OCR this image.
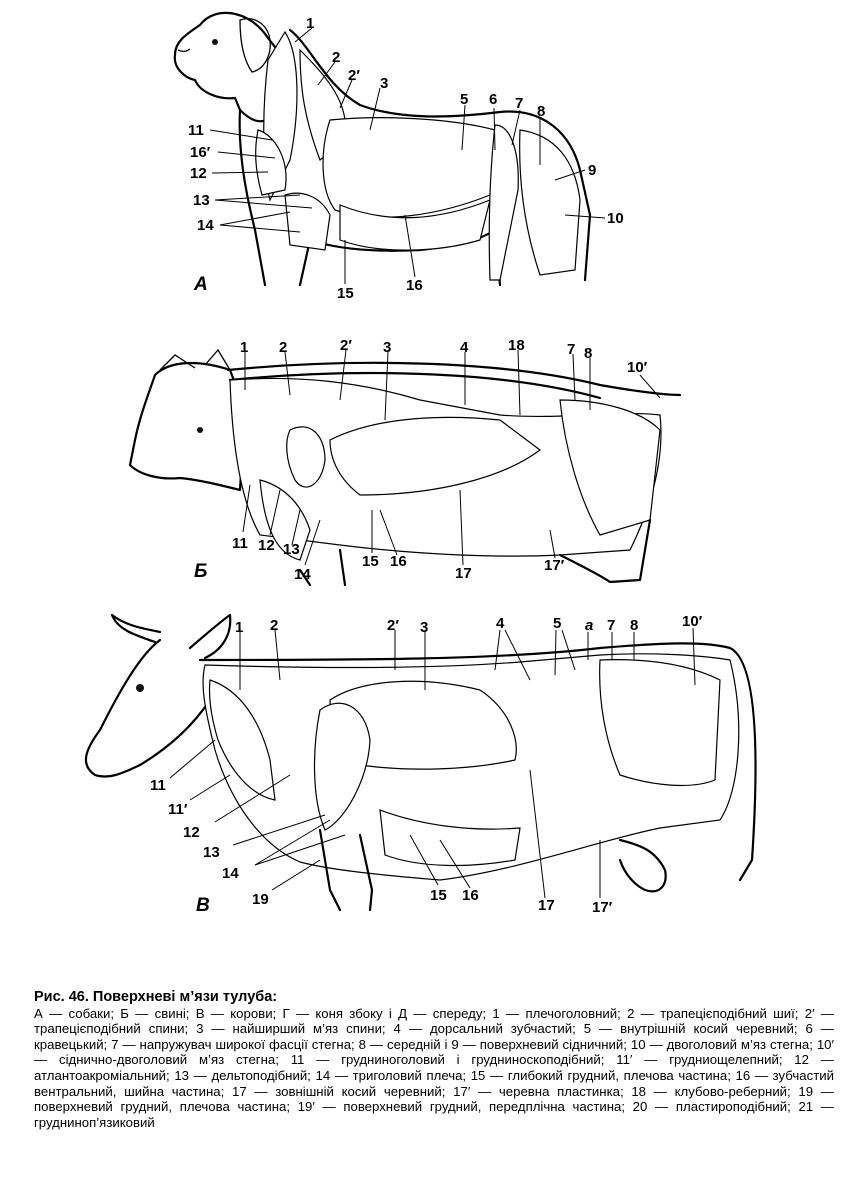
1
2
2′ 3
5 6 7 8
9
10
11
16′
12
13
14
15	16
А
1 2	2′ 3	4	18	7 8
10′
11 12 13
14
15 16
17	17′
Б
1 2	2′ 3	4	5 a 7 8	10′
11
11′
12
13
14
19	15 16
17 17′
В
Рис. 46. Поверхневі м’язи тулуба:
А — собаки; Б — свині; В — корови; Г — коня збоку і Д — спереду; 1 — плечоголовний; 2 — трапецієподібний шиї; 2′ — трапецієподібний спини; 3 — найширший м’яз спини; 4 — дорсальний зубчастий; 5 — внутрішній косий черевний; 6 — кравецький; 7 — напружувач широкої фасції стегна; 8 — середній і 9 — поверхневий сідничний; 10 — двоголовий м’яз стегна; 10′ — сіднично-двоголовий м’яз стегна; 11 — грудниноголовий і грудниноскоподібний; 11′ — грудниощелепний; 12 — атлантоакроміальний; 13 — дельтоподібний; 14 — триголовий плеча; 15 — глибокий грудний, плечова частина; 16 — зубчастий вентральний, шийна частина; 17 — зовнішній косий черевний; 17′ — черевна пластинка; 18 — клубово-реберний; 19 — поверхневий грудний, плечова частина; 19′ — поверхневий грудний, передплічна частина; 20 — пластироподібний; 21 — грудниноп’язиковий
